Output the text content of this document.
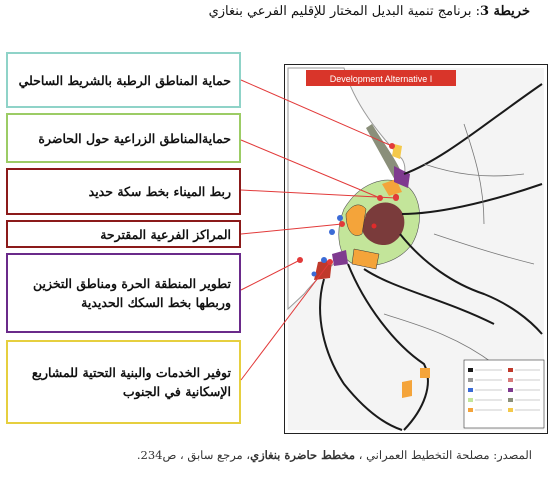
خريطة 3: برنامج تنمية البديل المختار للإقليم الفرعي بنغازي
حماية المناطق الرطبة بالشريط الساحلي
حمايةالمناطق الزراعية حول الحاضرة
ربط الميناء بخط سكة حديد
المراكز الفرعية المقترحة
تطوير المنطقة الحرة ومناطق التخزين وربطها بخط السكك الحديدية
توفير الخدمات والبنية التحتية للمشاريع الإسكانية في الجنوب
Development Alternative I
المصدر: مصلحة التخطيط العمراني ، مخطط حاضرة بنغازي، مرجع سابق ، ص234.
